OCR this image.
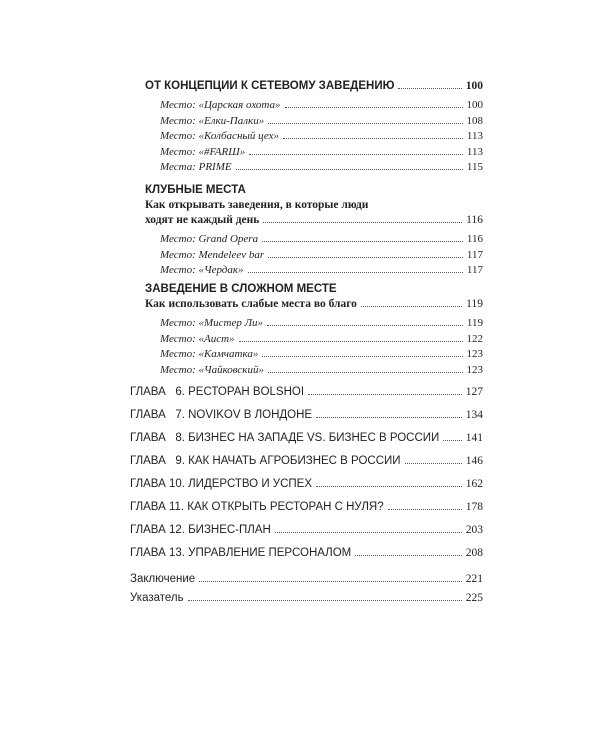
ОТ КОНЦЕПЦИИ К СЕТЕВОМУ ЗАВЕДЕНИЮ	100
Место: «Царская охота»	100
Место: «Елки-Палки»	108
Место: «Колбасный цех»	113
Место: «#FARШ»	113
Места: PRIME	115
КЛУБНЫЕ МЕСТА
Как открывать заведения, в которые люди
ходят не каждый день	116
Место: Grand Opera	116
Место: Mendeleev bar	117
Место: «Чердак»	117
ЗАВЕДЕНИЕ В СЛОЖНОМ МЕСТЕ
Как использовать слабые места во благо	119
Место: «Мистер Ли»	119
Место: «Аист»	122
Место: «Камчатка»	123
Место: «Чайковский»	123
ГЛАВА   6. РЕСТОРАН BOLSHOI	127
ГЛАВА   7. NOVIKOV В ЛОНДОНЕ	134
ГЛАВА   8. БИЗНЕС НА ЗАПАДЕ VS. БИЗНЕС В РОССИИ 141
ГЛАВА   9. КАК НАЧАТЬ АГРОБИЗНЕС В РОССИИ	146
ГЛАВА 10. ЛИДЕРСТВО И УСПЕХ	162
ГЛАВА 11. КАК ОТКРЫТЬ РЕСТОРАН С НУЛЯ?	178
ГЛАВА 12. БИЗНЕС-ПЛАН	203
ГЛАВА 13. УПРАВЛЕНИЕ ПЕРСОНАЛОМ	208
Заключение	221
Указатель	225
